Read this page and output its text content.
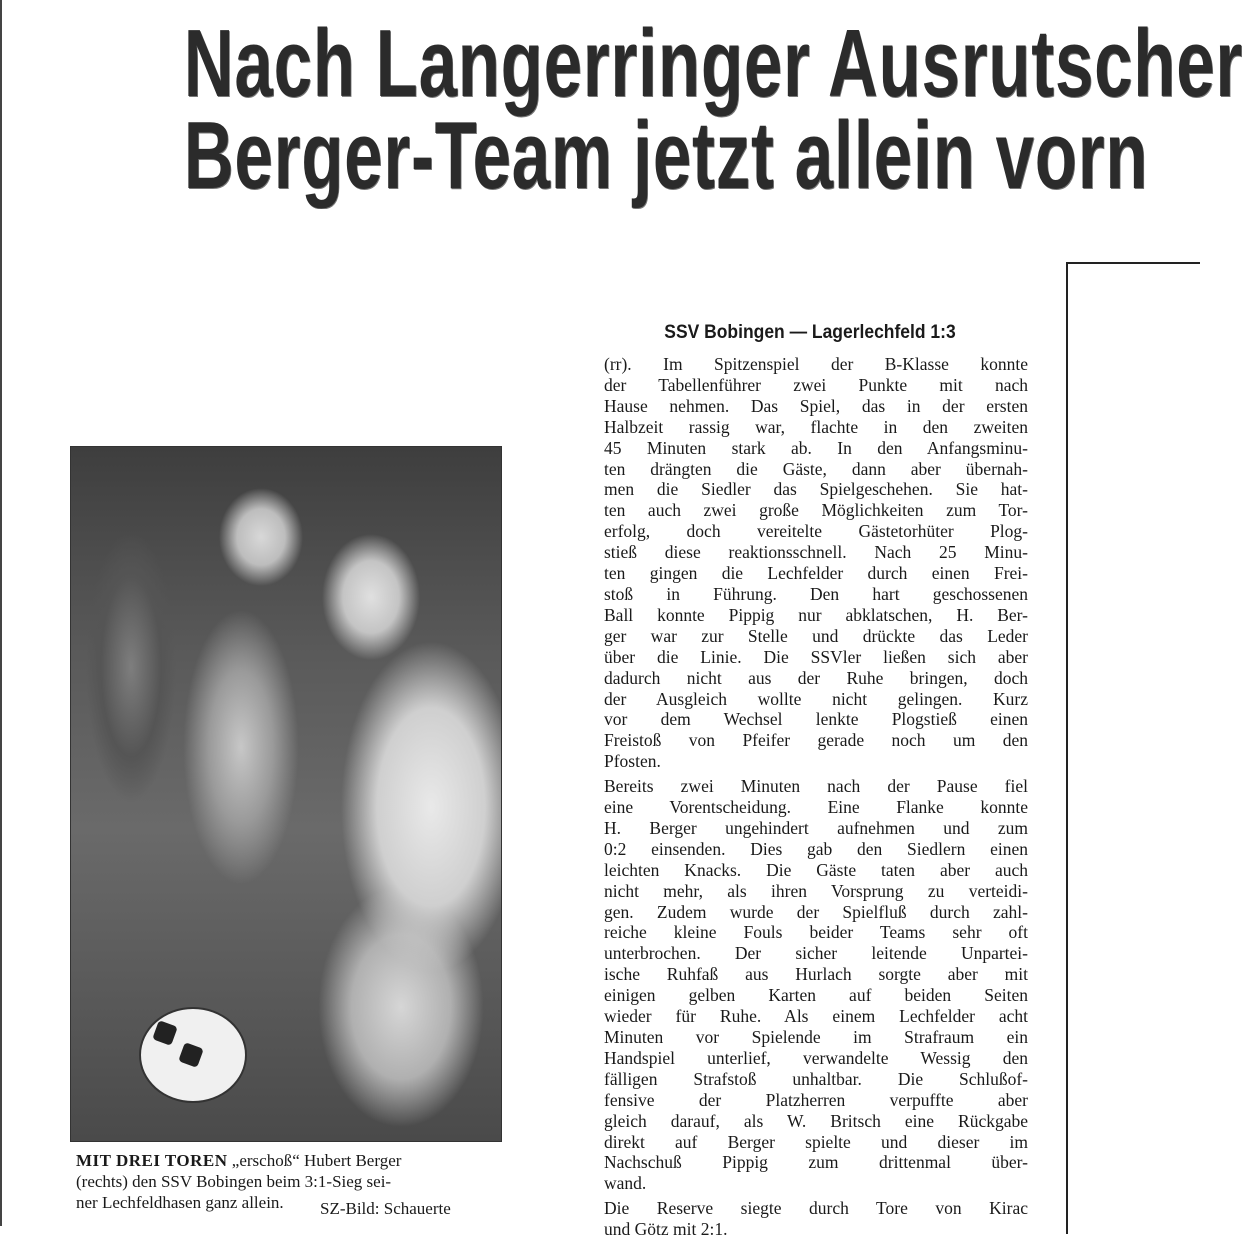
Nach Langerringer Ausrutscher
Berger-Team jetzt allein vorn
MIT DREI TOREN „erschoß“ Hubert Berger
(rechts) den SSV Bobingen beim 3:1-Sieg sei-
ner Lechfeldhasen ganz allein.	SZ-Bild: Schauerte
SSV Bobingen — Lagerlechfeld 1:3

(rr). Im Spitzenspiel der B-Klasse konnte
der Tabellenführer zwei Punkte mit nach
Hause nehmen. Das Spiel, das in der ersten
Halbzeit rassig war, flachte in den zweiten
45 Minuten stark ab. In den Anfangsminu-
ten drängten die Gäste, dann aber übernah-
men die Siedler das Spielgeschehen. Sie hat-
ten auch zwei große Möglichkeiten zum Tor-
erfolg, doch vereitelte Gästetorhüter Plog-
stieß diese reaktionsschnell. Nach 25 Minu-
ten gingen die Lechfelder durch einen Frei-
stoß in Führung. Den hart geschossenen
Ball konnte Pippig nur abklatschen, H. Ber-
ger war zur Stelle und drückte das Leder
über die Linie. Die SSVler ließen sich aber
dadurch nicht aus der Ruhe bringen, doch
der Ausgleich wollte nicht gelingen. Kurz
vor dem Wechsel lenkte Plogstieß einen
Freistoß von Pfeifer gerade noch um den
Pfosten.

Bereits zwei Minuten nach der Pause fiel
eine Vorentscheidung. Eine Flanke konnte
H. Berger ungehindert aufnehmen und zum
0:2 einsenden. Dies gab den Siedlern einen
leichten Knacks. Die Gäste taten aber auch
nicht mehr, als ihren Vorsprung zu verteidi-
gen. Zudem wurde der Spielfluß durch zahl-
reiche kleine Fouls beider Teams sehr oft
unterbrochen. Der sicher leitende Unpartei-
ische Ruhfaß aus Hurlach sorgte aber mit
einigen gelben Karten auf beiden Seiten
wieder für Ruhe. Als einem Lechfelder acht
Minuten vor Spielende im Strafraum ein
Handspiel unterlief, verwandelte Wessig den
fälligen Strafstoß unhaltbar. Die Schlußof-
fensive der Platzherren verpuffte aber
gleich darauf, als W. Britsch eine Rückgabe
direkt auf Berger spielte und dieser im
Nachschuß Pippig zum drittenmal über-
wand.

Die Reserve siegte durch Tore von Kirac
und Götz mit 2:1.
